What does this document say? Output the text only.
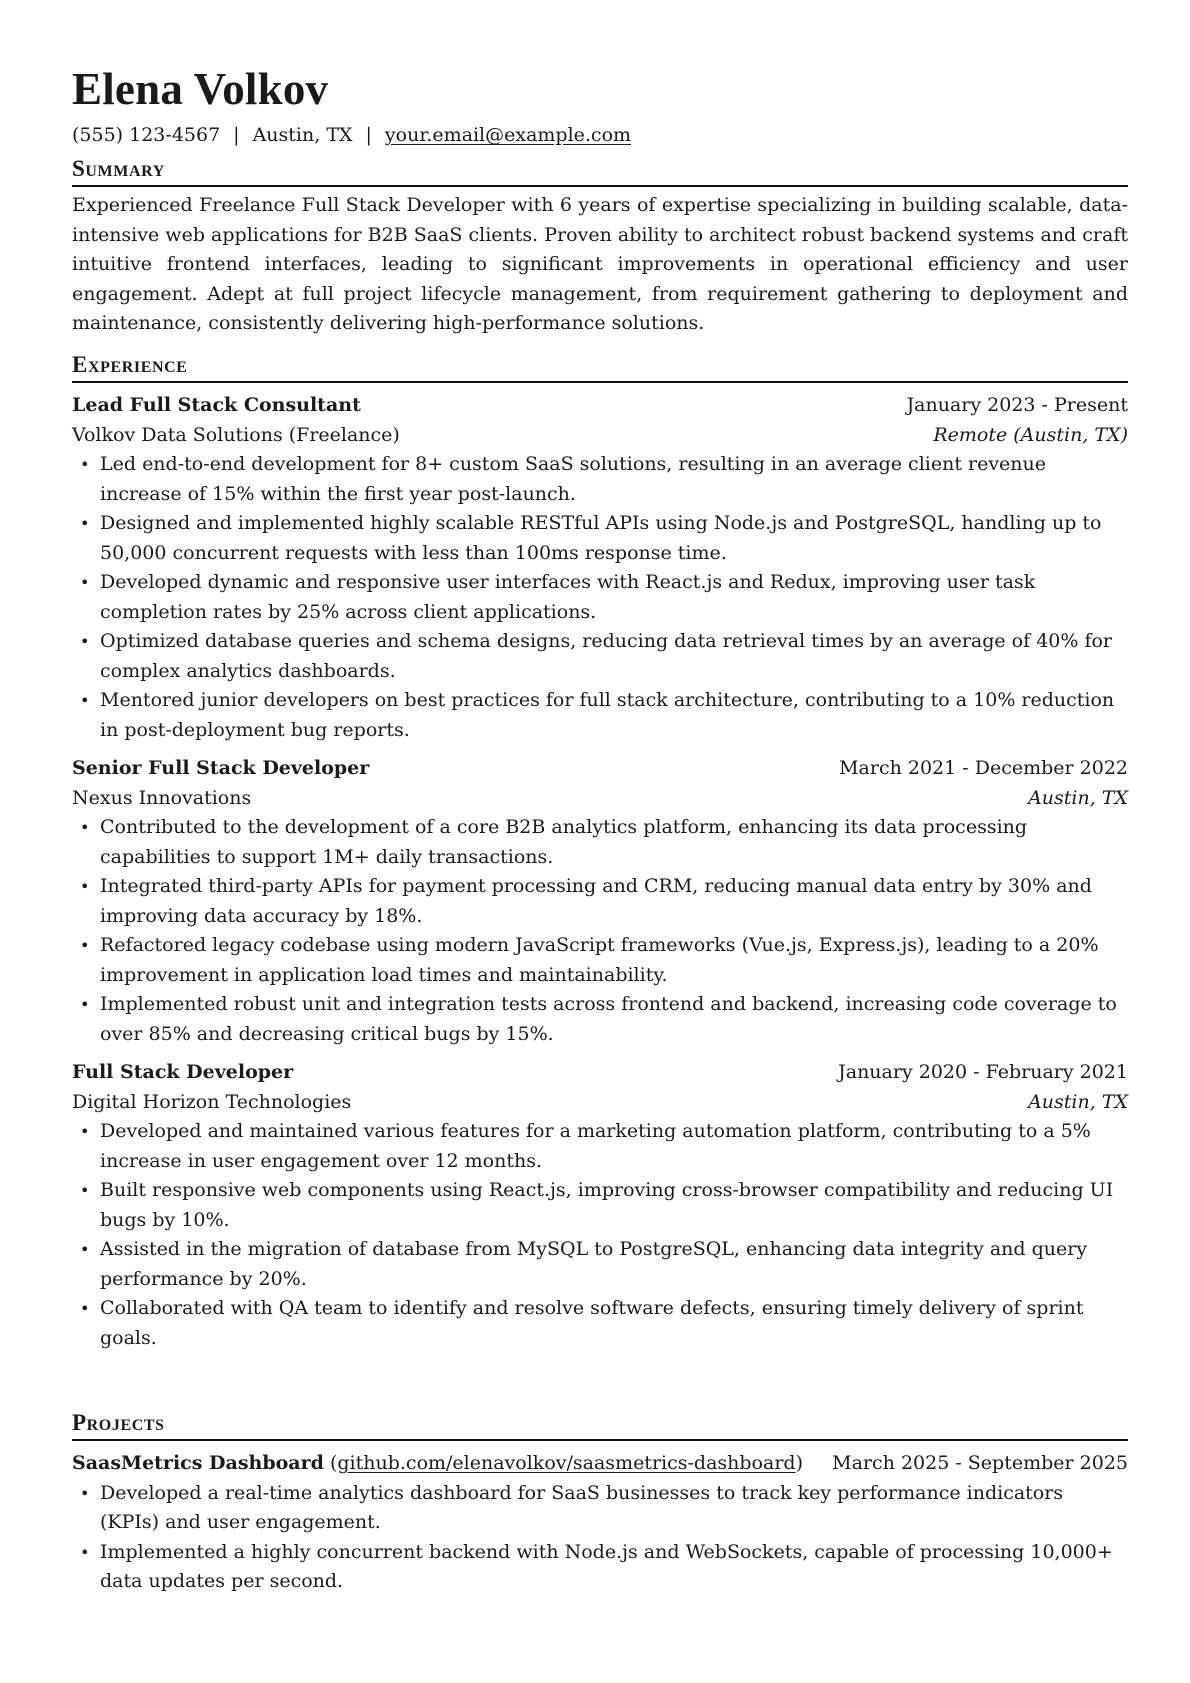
Elena Volkov
(555) 123-4567 | Austin, TX | your.email@example.com
Summary

Experienced Freelance Full Stack Developer with 6 years of expertise specializing in building scalable, data-intensive web applications for B2B SaaS clients. Proven ability to architect robust backend systems and craft intuitive frontend interfaces, leading to significant improvements in operational efficiency and user engagement. Adept at full project lifecycle management, from requirement gathering to deployment and maintenance, consistently delivering high-performance solutions.

Experience
Lead Full Stack Consultant	January 2023 - Present
Volkov Data Solutions (Freelance)	Remote (Austin, TX)
• Led end-to-end development for 8+ custom SaaS solutions, resulting in an average client revenue increase of 15% within the first year post-launch.
• Designed and implemented highly scalable RESTful APIs using Node.js and PostgreSQL, handling up to 50,000 concurrent requests with less than 100ms response time.
• Developed dynamic and responsive user interfaces with React.js and Redux, improving user task completion rates by 25% across client applications.
• Optimized database queries and schema designs, reducing data retrieval times by an average of 40% for complex analytics dashboards.
• Mentored junior developers on best practices for full stack architecture, contributing to a 10% reduction in post-deployment bug reports.
Senior Full Stack Developer	March 2021 - December 2022
Nexus Innovations	Austin, TX
• Contributed to the development of a core B2B analytics platform, enhancing its data processing capabilities to support 1M+ daily transactions.
• Integrated third-party APIs for payment processing and CRM, reducing manual data entry by 30% and improving data accuracy by 18%.
• Refactored legacy codebase using modern JavaScript frameworks (Vue.js, Express.js), leading to a 20% improvement in application load times and maintainability.
• Implemented robust unit and integration tests across frontend and backend, increasing code coverage to over 85% and decreasing critical bugs by 15%.
Full Stack Developer	January 2020 - February 2021
Digital Horizon Technologies	Austin, TX
• Developed and maintained various features for a marketing automation platform, contributing to a 5% increase in user engagement over 12 months.
• Built responsive web components using React.js, improving cross-browser compatibility and reducing UI bugs by 10%.
• Assisted in the migration of database from MySQL to PostgreSQL, enhancing data integrity and query performance by 20%.
• Collaborated with QA team to identify and resolve software defects, ensuring timely delivery of sprint goals.
Projects
SaasMetrics Dashboard (github.com/elenavolkov/saasmetrics-dashboard) March 2025 - September 2025
• Developed a real-time analytics dashboard for SaaS businesses to track key performance indicators (KPIs) and user engagement.
• Implemented a highly concurrent backend with Node.js and WebSockets, capable of processing 10,000+ data updates per second.
